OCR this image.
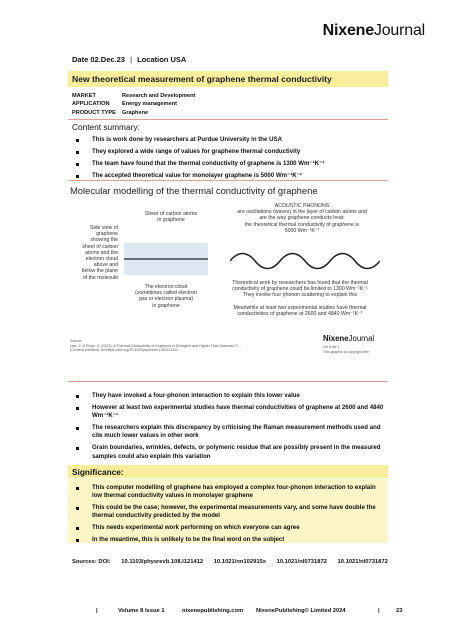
NixeneJournal
Date 02.Dec.23 | Location USA
New theoretical measurement of graphene thermal conductivity
MARKET	Research and Development
APPLICATION	Energy management
PRODUCT TYPE	Graphene
Content summary:
This is work done by researchers at Purdue University in the USA
They explored a wide range of values for graphene thermal conductivity
The team have found that the thermal conductivity of graphene is 1300 Wm⁻¹K⁻¹
The accepted theoretical value for monolayer graphene is 5000 Wm⁻¹K⁻¹
Molecular modelling of the thermal conductivity of graphene
Sheet of carbon atoms
in graphene
Side view of
graphene
showing the
sheet of carbon
atoms and the
electron cloud
above and
below the plane
of the molecule
The electron cloud
(sometimes called electron
gas or electron plasma)
in graphene
ACOUSTIC PHONONS
are oscillations (waves) in the layer of carbon atoms and
are the way graphene conducts heat:
the theoretical thermal conductivity of graphene is
5000 Wm⁻¹K⁻¹
Theoretical work by researchers has found that the thermal
conductivity of graphene could be limited to 1300 Wm⁻¹K⁻¹
They invoke four phonon scattering to explain this
Meanwhile at least two experimental studies have thermal
conductivities of graphene at 2600 and 4840 Wm⁻¹K⁻¹
Source:
Han, Z. & Ruan, X. (2023). A Thermal Conductivity of Graphene is Divergent and Higher Than Diamond S ...
(Content credited). doi:https://doi.org/10.1103/physrevb.108.l121412
NixeneJournal
Vol 8 iss 1
This graphic is copyright free
They have invoked a four-phonon interaction to explain this lower value
However at least two experimental studies have thermal conductivities of graphene at 2600 and 4840 Wm⁻¹K⁻¹
The researchers explain this discrepancy by criticising the Raman measurement methods used and cite much lower values in other work
Grain boundaries, wrinkles, defects, or polymeric residue that are possibly present in the measured samples could also explain this variation
Significance:
This computer modelling of graphene has employed a complex four-phonon interaction to explain low thermal conductivity values in monolayer graphene
This could be the case; however, the experimental measurements vary, and some have double the thermal conductivity predicted by the model
This needs experimental work performing on which everyone can agree
In the meantime, this is unlikely to be the final word on the subject
Sources: DOI: 10.1103/physrevb.108.l121412 10.1021/nn102915x 10.1021/nl0731872 10.1021/nl0731872
|	Volume 8 Issue 1	nixenepublishing.com NixenePublishing© Limited 2024	|	23
